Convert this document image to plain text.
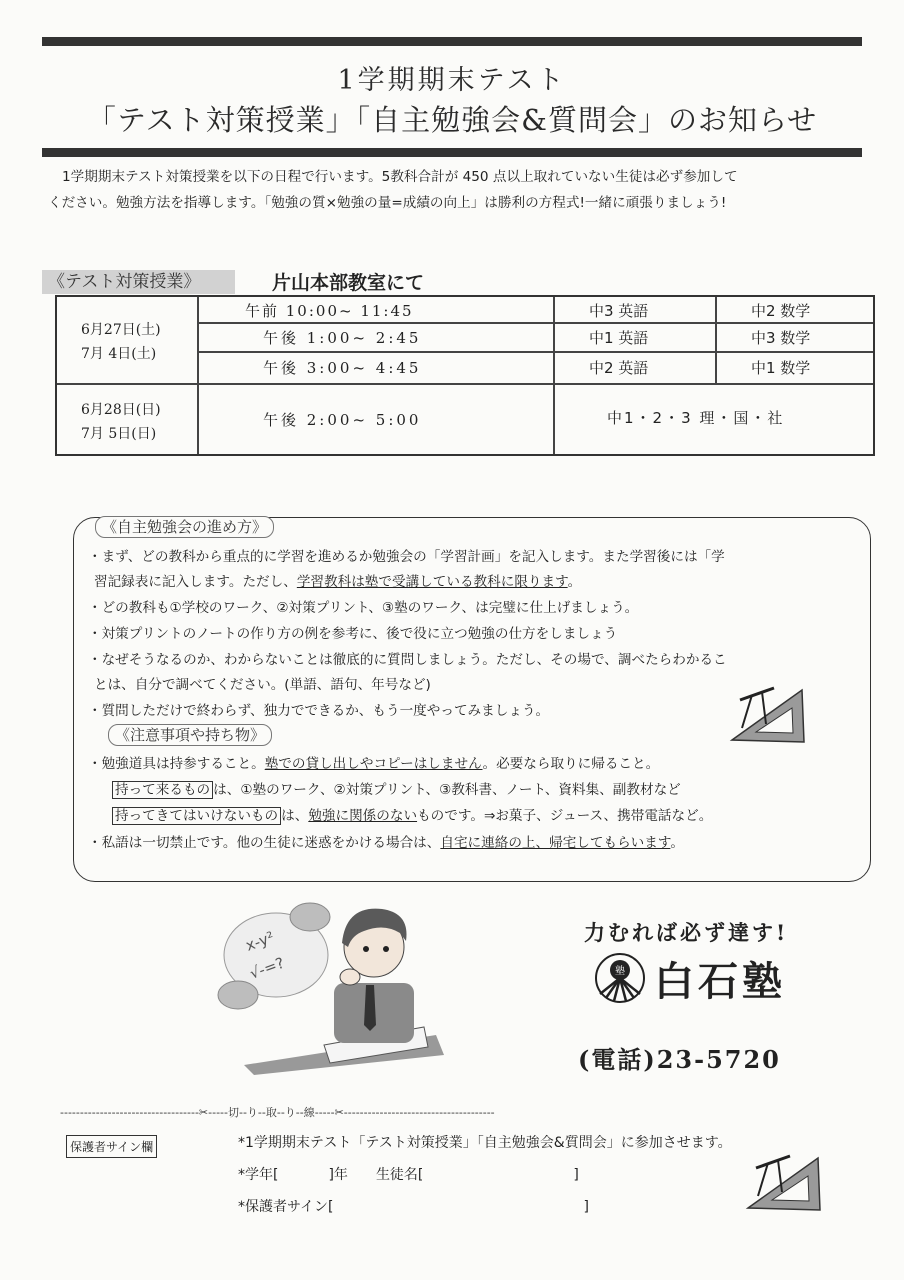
1学期期末テスト
「テスト対策授業」「自主勉強会&質問会」のお知らせ

1学期期末テスト対策授業を以下の日程で行います。5教科合計が 450 点以上取れていない生徒は必ず参加して

ください。勉強方法を指導します。「勉強の質×勉強の量=成績の向上」は勝利の方程式!一緒に頑張りましょう!

《テスト対策授業》	片山本部教室にて
6月27日(土)
7月 4日(土)
午前 10:00~ 11:45	中3 英語	中2 数学
午後 1:00~ 2:45	中1 英語	中3 数学
午後 3:00~ 4:45	中2 英語	中1 数学
6月28日(日)
7月 5日(日)
午後 2:00~ 5:00	中1・2・3 理・国・社
《自主勉強会の進め方》
・まず、どの教科から重点的に学習を進めるか勉強会の「学習計画」を記入します。また学習後には「学
習記録表に記入します。ただし、学習教科は塾で受講している教科に限ります。
・どの教科も①学校のワーク、②対策プリント、③塾のワーク、は完璧に仕上げましょう。
・対策プリントのノートの作り方の例を参考に、後で役に立つ勉強の仕方をしましょう
・なぜそうなるのか、わからないことは徹底的に質問しましょう。ただし、その場で、調べたらわかるこ
とは、自分で調べてください。(単語、語句、年号など)
・質問しただけで終わらず、独力でできるか、もう一度やってみましょう。
《注意事項や持ち物》
・勉強道具は持参すること。塾での貸し出しやコピーはしません。必要なら取りに帰ること。
持って来るもの は、①塾のワーク、②対策プリント、③教科書、ノート、資料集、副教材など
持ってきてはいけないもの は、勉強に関係のないものです。⇒お菓子、ジュース、携帯電話など。
・私語は一切禁止です。他の生徒に迷惑をかける場合は、自宅に連絡の上、帰宅してもらいます。
x-y²
√-=?
力むれば必ず達す!
塾 白石塾
(電話)23-5720
-----------------------------------✂-----切--り--取--り--線-----✂--------------------------------------
保護者サイン欄	*1学期期末テスト「テスト対策授業」「自主勉強会&質問会」に参加させます。
*学年[	]年 生徒名[	]
*保護者サイン[	]
